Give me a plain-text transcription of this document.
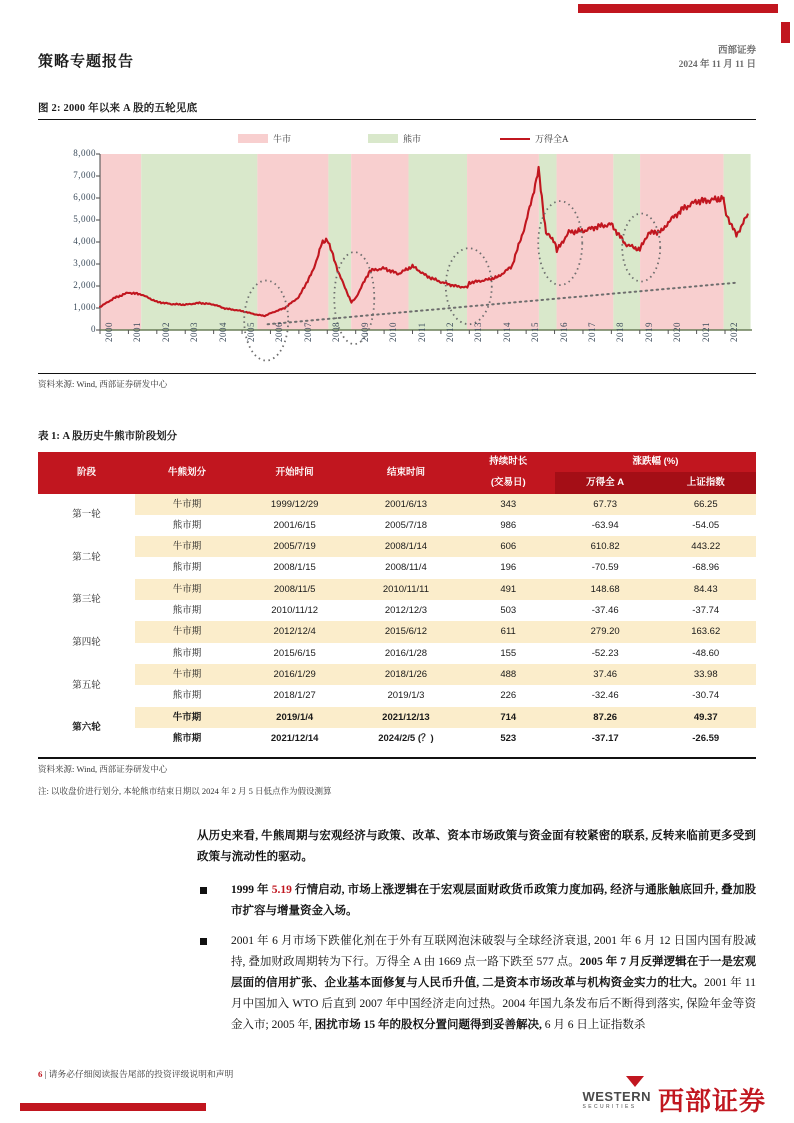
策略专题报告
西部证券
2024 年 11 月 11 日
图 2: 2000 年以来 A 股的五轮见底
牛市	熊市	万得全A
0
1,000
2,000
3,000
4,000
5,000
6,000
7,000
8,000
2000 2001 2002 2003 2004 2005 2006 2007 2008 2009 2010 2011 2012 2013 2014 2015 2016 2017 2018 2019 2020 2021 2022
资料来源: Wind, 西部证券研发中心
表 1: A 股历史牛熊市阶段划分
阶段	牛熊划分	开始时间	结束时间	持续时长	涨跌幅 (%)	
				(交易日)	万得全 A	上证指数
第一轮	牛市期	1999/12/29	2001/6/13	343	67.73	66.25
	熊市期	2001/6/15	2005/7/18	986	-63.94	-54.05
第二轮	牛市期	2005/7/19	2008/1/14	606	610.82	443.22
	熊市期	2008/1/15	2008/11/4	196	-70.59	-68.96
第三轮	牛市期	2008/11/5	2010/11/11	491	148.68	84.43
	熊市期	2010/11/12	2012/12/3	503	-37.46	-37.74
第四轮	牛市期	2012/12/4	2015/6/12	611	279.20	163.62
	熊市期	2015/6/15	2016/1/28	155	-52.23	-48.60
第五轮	牛市期	2016/1/29	2018/1/26	488	37.46	33.98
	熊市期	2018/1/27	2019/1/3	226	-32.46	-30.74
第六轮	牛市期	2019/1/4	2021/12/13	714	87.26	49.37
	熊市期	2021/12/14	2024/2/5 (？)	523	-37.17	-26.59
资料来源: Wind, 西部证券研发中心
注: 以收盘价进行划分, 本轮熊市结束日期以 2024 年 2 月 5 日低点作为假设测算
从历史来看, 牛熊周期与宏观经济与政策、改革、资本市场政策与资金面有较紧密的联系, 反转来临前更多受到政策与流动性的驱动。
1999 年 5.19 行情启动, 市场上涨逻辑在于宏观层面财政货币政策力度加码, 经济与通胀触底回升, 叠加股市扩容与增量资金入场。
2001 年 6 月市场下跌催化剂在于外有互联网泡沫破裂与全球经济衰退, 2001 年 6 月 12 日国内国有股减持, 叠加财政周期转为下行。万得全 A 由 1669 点一路下跌至 577 点。2005 年 7 月反弹逻辑在于一是宏观层面的信用扩张、企业基本面修复与人民币升值, 二是资本市场改革与机构资金实力的壮大。2001 年 11 月中国加入 WTO 后直到 2007 年中国经济走向过热。2004 年国九条发布后不断得到落实, 保险年金等资金入市; 2005 年, 困扰市场 15 年的股权分置问题得到妥善解决, 6 月 6 日上证指数杀
6 | 请务必仔细阅读报告尾部的投资评级说明和声明
WESTERN
SECURITIES 西部证券
